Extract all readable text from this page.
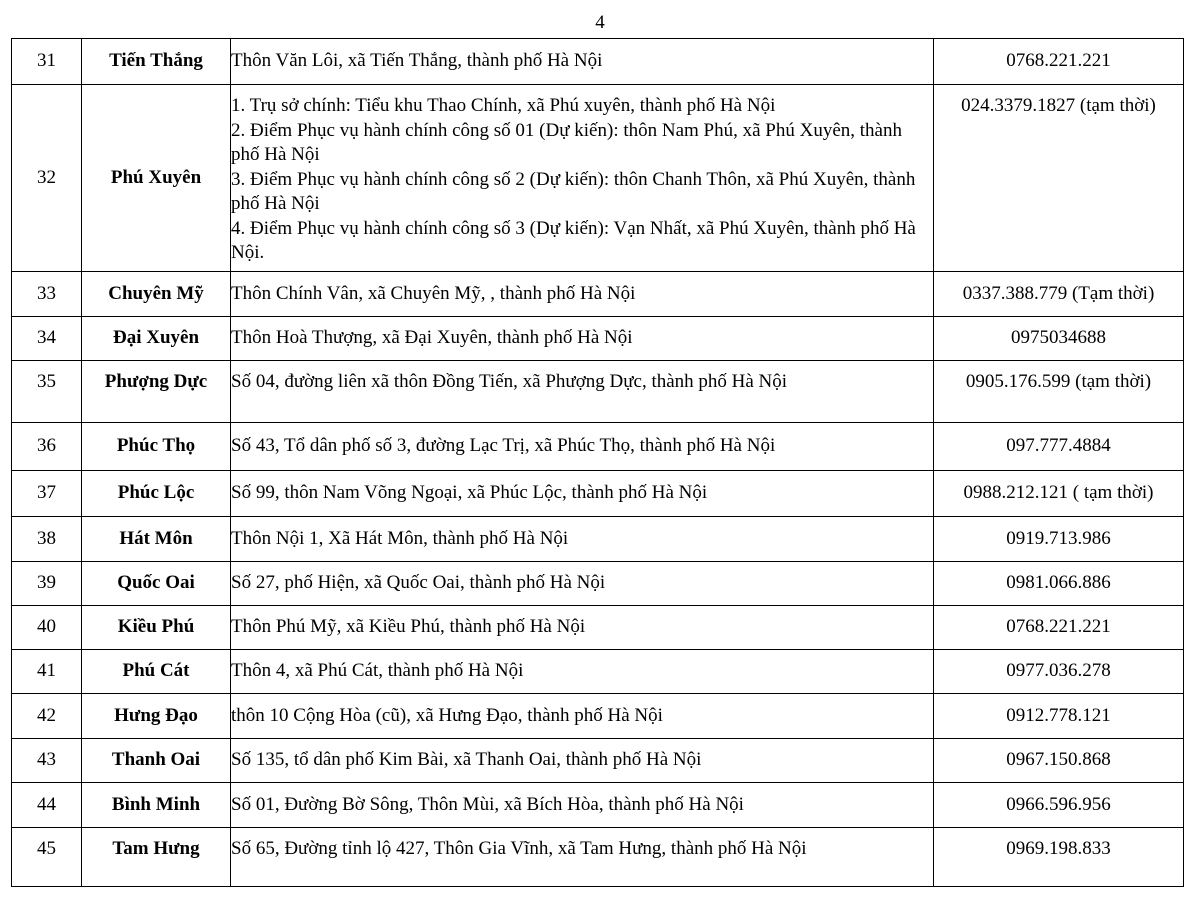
4
31	Tiến Thắng	Thôn Văn Lôi, xã Tiến Thắng, thành phố Hà Nội	0768.221.221
32	Phú Xuyên	1. Trụ sở chính: Tiểu khu Thao Chính, xã Phú xuyên, thành phố Hà Nội
2. Điểm Phục vụ hành chính công số 01 (Dự kiến): thôn Nam Phú, xã Phú Xuyên, thành phố Hà Nội
3. Điểm Phục vụ hành chính công số 2 (Dự kiến): thôn Chanh Thôn, xã Phú Xuyên, thành phố Hà Nội
4. Điểm Phục vụ hành chính công số 3 (Dự kiến): Vạn Nhất, xã Phú Xuyên, thành phố Hà Nội.	024.3379.1827 (tạm thời)
33	Chuyên Mỹ	Thôn Chính Vân, xã Chuyên Mỹ, , thành phố Hà Nội	0337.388.779 (Tạm thời)
34	Đại Xuyên	Thôn Hoà Thượng, xã Đại Xuyên, thành phố Hà Nội	0975034688
35	Phượng Dực	Số 04, đường liên xã thôn Đồng Tiến, xã Phượng Dực, thành phố Hà Nội	0905.176.599 (tạm thời)
36	Phúc Thọ	Số 43, Tổ dân phố số 3, đường Lạc Trị, xã Phúc Thọ, thành phố Hà Nội	097.777.4884
37	Phúc Lộc	Số 99, thôn Nam Võng Ngoại, xã Phúc Lộc, thành phố Hà Nội	0988.212.121 ( tạm thời)
38	Hát Môn	Thôn Nội 1, Xã Hát Môn, thành phố Hà Nội	0919.713.986
39	Quốc Oai	Số 27, phố Hiện, xã Quốc Oai, thành phố Hà Nội	0981.066.886
40	Kiều Phú	Thôn Phú Mỹ, xã Kiều Phú, thành phố Hà Nội	0768.221.221
41	Phú Cát	Thôn 4, xã Phú Cát, thành phố Hà Nội	0977.036.278
42	Hưng Đạo	thôn 10 Cộng Hòa (cũ), xã Hưng Đạo, thành phố Hà Nội	0912.778.121
43	Thanh Oai	Số 135, tổ dân phố Kim Bài, xã Thanh Oai, thành phố Hà Nội	0967.150.868
44	Bình Minh	Số 01, Đường Bờ Sông, Thôn Mùi, xã Bích Hòa, thành phố Hà Nội	0966.596.956
45	Tam Hưng	Số 65, Đường tỉnh lộ 427, Thôn Gia Vĩnh, xã Tam Hưng, thành phố Hà Nội	0969.198.833
